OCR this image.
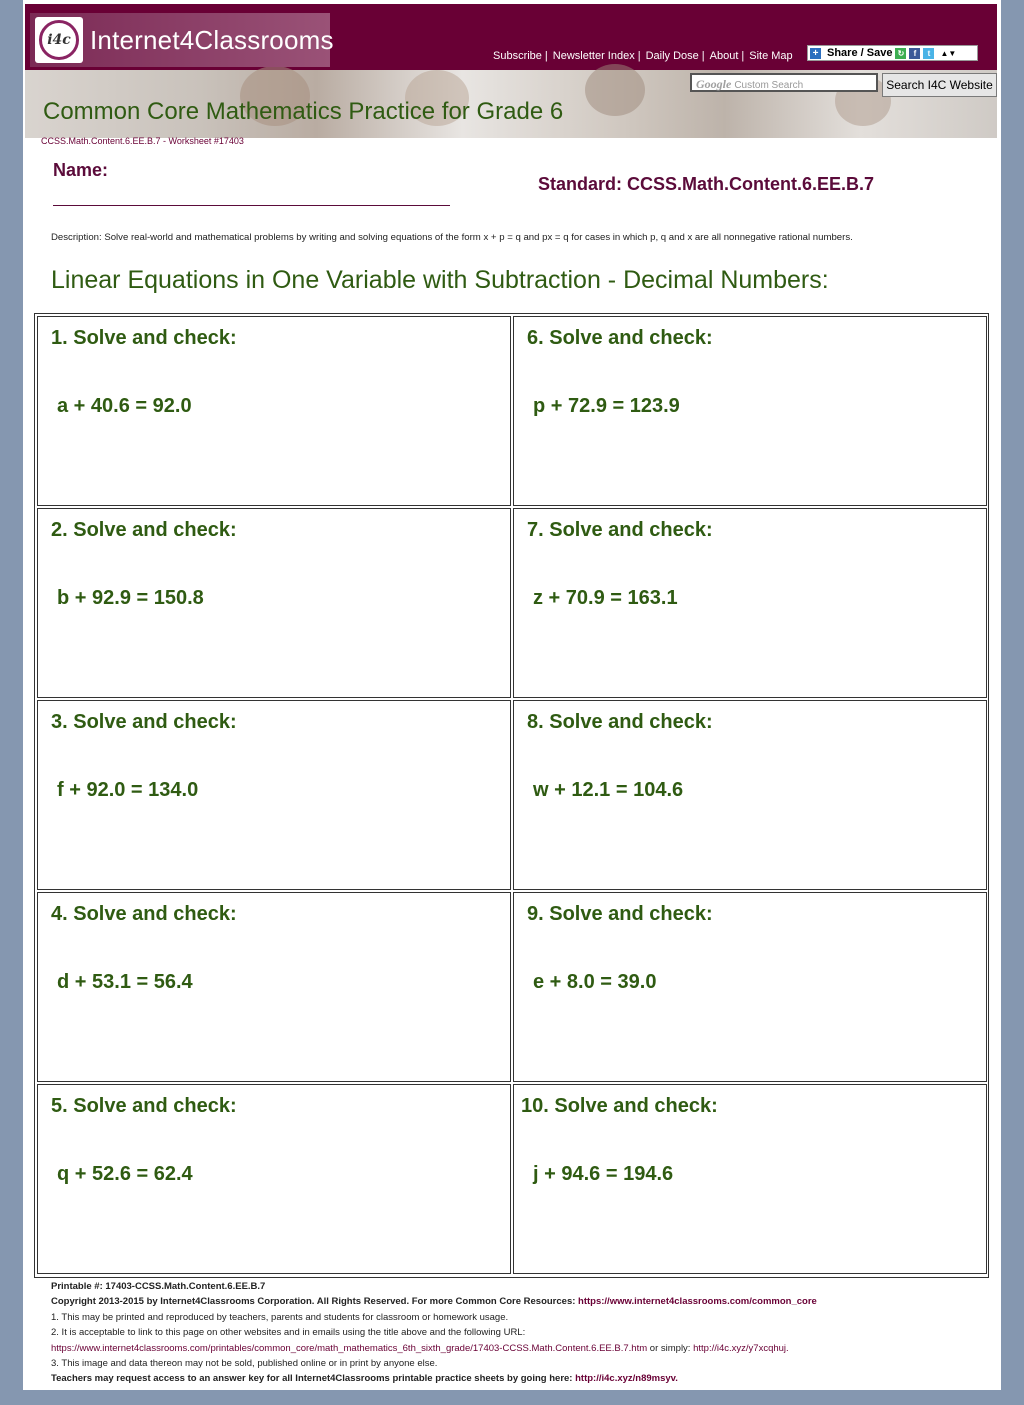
i4c Internet4Classrooms
Subscribe | Newsletter Index | Daily Dose | About | Site Map + Share / Save ↻	f	t	▲▼
Google Custom Search	Search I4C Website
Common Core Mathematics Practice for Grade 6
CCSS.Math.Content.6.EE.B.7 - Worksheet #17403
Name:
Standard: CCSS.Math.Content.6.EE.B.7
Description: Solve real-world and mathematical problems by writing and solving equations of the form x + p = q and px = q for cases in which p, q and x are all nonnegative rational numbers.
Linear Equations in One Variable with Subtraction - Decimal Numbers:
1. Solve and check:
a + 40.6 = 92.0
2. Solve and check:
b + 92.9 = 150.8
3. Solve and check:
f + 92.0 = 134.0
4. Solve and check:
d + 53.1 = 56.4
5. Solve and check:
q + 52.6 = 62.4
6. Solve and check:
p + 72.9 = 123.9
7. Solve and check:
z + 70.9 = 163.1
8. Solve and check:
w + 12.1 = 104.6
9. Solve and check:
e + 8.0 = 39.0
10. Solve and check:
j + 94.6 = 194.6
Printable #: 17403-CCSS.Math.Content.6.EE.B.7
Copyright 2013-2015 by Internet4Classrooms Corporation. All Rights Reserved. For more Common Core Resources: https://www.internet4classrooms.com/common_core
1. This may be printed and reproduced by teachers, parents and students for classroom or homework usage.
2. It is acceptable to link to this page on other websites and in emails using the title above and the following URL:
https://www.internet4classrooms.com/printables/common_core/math_mathematics_6th_sixth_grade/17403-CCSS.Math.Content.6.EE.B.7.htm or simply: http://i4c.xyz/y7xcqhuj.
3. This image and data thereon may not be sold, published online or in print by anyone else.
Teachers may request access to an answer key for all Internet4Classrooms printable practice sheets by going here: http://i4c.xyz/n89msyv.
